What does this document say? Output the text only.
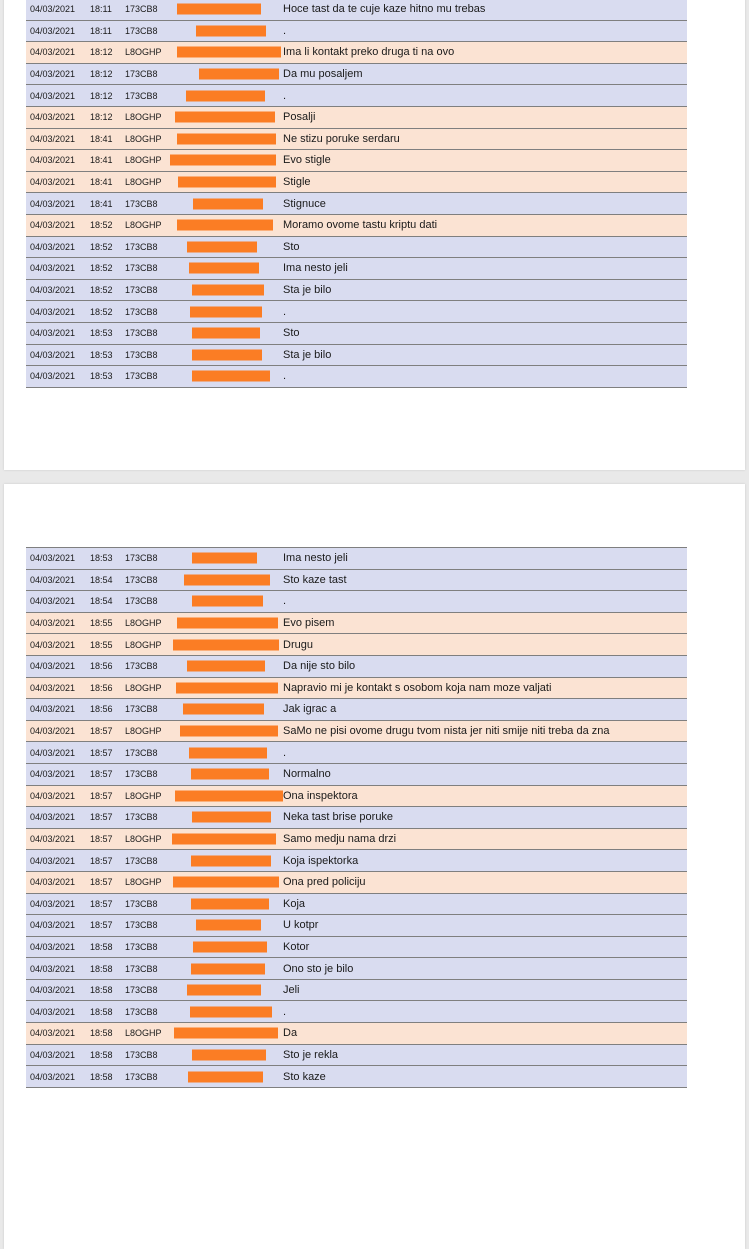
04/03/2021 18:11 173CB8	Hoce tast da te cuje kaze hitno mu trebas
04/03/2021 18:11 173CB8	.
04/03/2021 18:12 L8OGHP	Ima li kontakt preko druga ti na ovo
04/03/2021 18:12 173CB8	Da mu posaljem
04/03/2021 18:12 173CB8	.
04/03/2021 18:12 L8OGHP	Posalji
04/03/2021 18:41 L8OGHP	Ne stizu poruke serdaru
04/03/2021 18:41 L8OGHP	Evo stigle
04/03/2021 18:41 L8OGHP	Stigle
04/03/2021 18:41 173CB8	Stignuce
04/03/2021 18:52 L8OGHP	Moramo ovome tastu kriptu dati
04/03/2021 18:52 173CB8	Sto
04/03/2021 18:52 173CB8	Ima nesto jeli
04/03/2021 18:52 173CB8	Sta je bilo
04/03/2021 18:52 173CB8	.
04/03/2021 18:53 173CB8	Sto
04/03/2021 18:53 173CB8	Sta je bilo
04/03/2021 18:53 173CB8	.
04/03/2021 18:53 173CB8	Ima nesto jeli
04/03/2021 18:54 173CB8	Sto kaze tast
04/03/2021 18:54 173CB8	.
04/03/2021 18:55 L8OGHP	Evo pisem
04/03/2021 18:55 L8OGHP	Drugu
04/03/2021 18:56 173CB8	Da nije sto bilo
04/03/2021 18:56 L8OGHP	Napravio mi je kontakt s osobom koja nam moze valjati
04/03/2021 18:56 173CB8	Jak igrac a
04/03/2021 18:57 L8OGHP	SaMo ne pisi ovome drugu tvom nista jer niti smije niti treba da zna
04/03/2021 18:57 173CB8	.
04/03/2021 18:57 173CB8	Normalno
04/03/2021 18:57 L8OGHP	Ona inspektora
04/03/2021 18:57 173CB8	Neka tast brise poruke
04/03/2021 18:57 L8OGHP	Samo medju nama drzi
04/03/2021 18:57 173CB8	Koja ispektorka
04/03/2021 18:57 L8OGHP	Ona pred policiju
04/03/2021 18:57 173CB8	Koja
04/03/2021 18:57 173CB8	U kotpr
04/03/2021 18:58 173CB8	Kotor
04/03/2021 18:58 173CB8	Ono sto je bilo
04/03/2021 18:58 173CB8	Jeli
04/03/2021 18:58 173CB8	.
04/03/2021 18:58 L8OGHP	Da
04/03/2021 18:58 173CB8	Sto je rekla
04/03/2021 18:58 173CB8	Sto kaze
